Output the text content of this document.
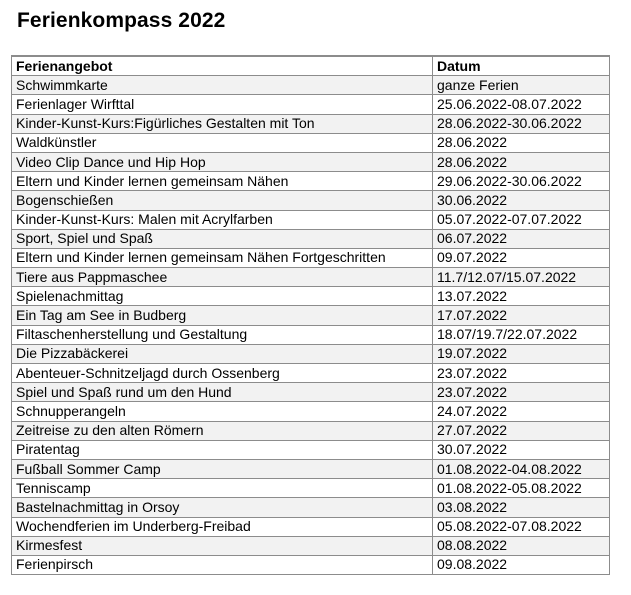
Ferienkompass 2022
Ferienangebot	Datum
Schwimmkarte	ganze Ferien
Ferienlager Wirfttal	25.06.2022-08.07.2022
Kinder-Kunst-Kurs:Figürliches Gestalten mit Ton	28.06.2022-30.06.2022
Waldkünstler	28.06.2022
Video Clip Dance und Hip Hop	28.06.2022
Eltern und Kinder lernen gemeinsam Nähen	29.06.2022-30.06.2022
Bogenschießen	30.06.2022
Kinder-Kunst-Kurs: Malen mit Acrylfarben	05.07.2022-07.07.2022
Sport, Spiel und Spaß	06.07.2022
Eltern und Kinder lernen gemeinsam Nähen Fortgeschritten	09.07.2022
Tiere aus Pappmaschee	11.7/12.07/15.07.2022
Spielenachmittag	13.07.2022
Ein Tag am See in Budberg	17.07.2022
Filtaschenherstellung und Gestaltung	18.07/19.7/22.07.2022
Die Pizzabäckerei	19.07.2022
Abenteuer-Schnitzeljagd durch Ossenberg	23.07.2022
Spiel und Spaß rund um den Hund	23.07.2022
Schnupperangeln	24.07.2022
Zeitreise zu den alten Römern	27.07.2022
Piratentag	30.07.2022
Fußball Sommer Camp	01.08.2022-04.08.2022
Tenniscamp	01.08.2022-05.08.2022
Bastelnachmittag in Orsoy	03.08.2022
Wochendferien im Underberg-Freibad	05.08.2022-07.08.2022
Kirmesfest	08.08.2022
Ferienpirsch	09.08.2022
